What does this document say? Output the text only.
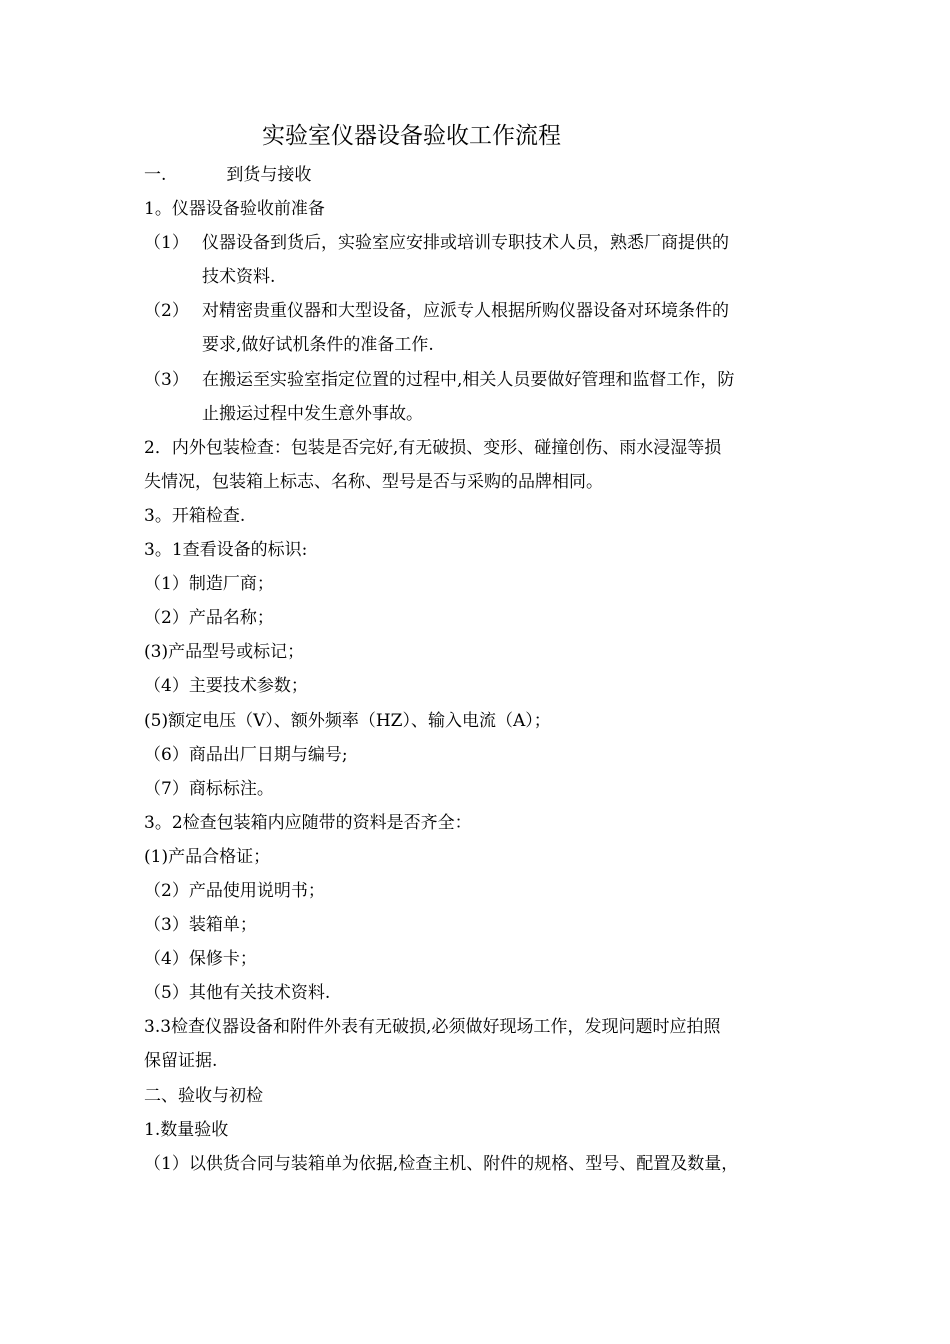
实验室仪器设备验收工作流程
一.	到货与接收
1。仪器设备验收前准备
（1） 仪器设备到货后，实验室应安排或培训专职技术人员，熟悉厂商提供的
技术资料.
（2） 对精密贵重仪器和大型设备，应派专人根据所购仪器设备对环境条件的
要求,做好试机条件的准备工作.
（3） 在搬运至实验室指定位置的过程中,相关人员要做好管理和监督工作，防
止搬运过程中发生意外事故。
2．内外包装检查：包装是否完好,有无破损、变形、碰撞创伤、雨水浸湿等损
失情况，包装箱上标志、名称、型号是否与采购的品牌相同。
3。开箱检查.
3。1查看设备的标识:
（1）制造厂商；
（2）产品名称；
(3)产品型号或标记；
（4）主要技术参数；
(5)额定电压（V）、额外频率（HZ）、输入电流（A）；
（6）商品出厂日期与编号;
（7）商标标注。
3。2检查包装箱内应随带的资料是否齐全：
(1)产品合格证；
（2）产品使用说明书；
（3）装箱单；
（4）保修卡；
（5）其他有关技术资料.
3.3检查仪器设备和附件外表有无破损,必须做好现场工作，发现问题时应拍照
保留证据.
二、验收与初检
1.数量验收
（1）以供货合同与装箱单为依据,检查主机、附件的规格、型号、配置及数量，
